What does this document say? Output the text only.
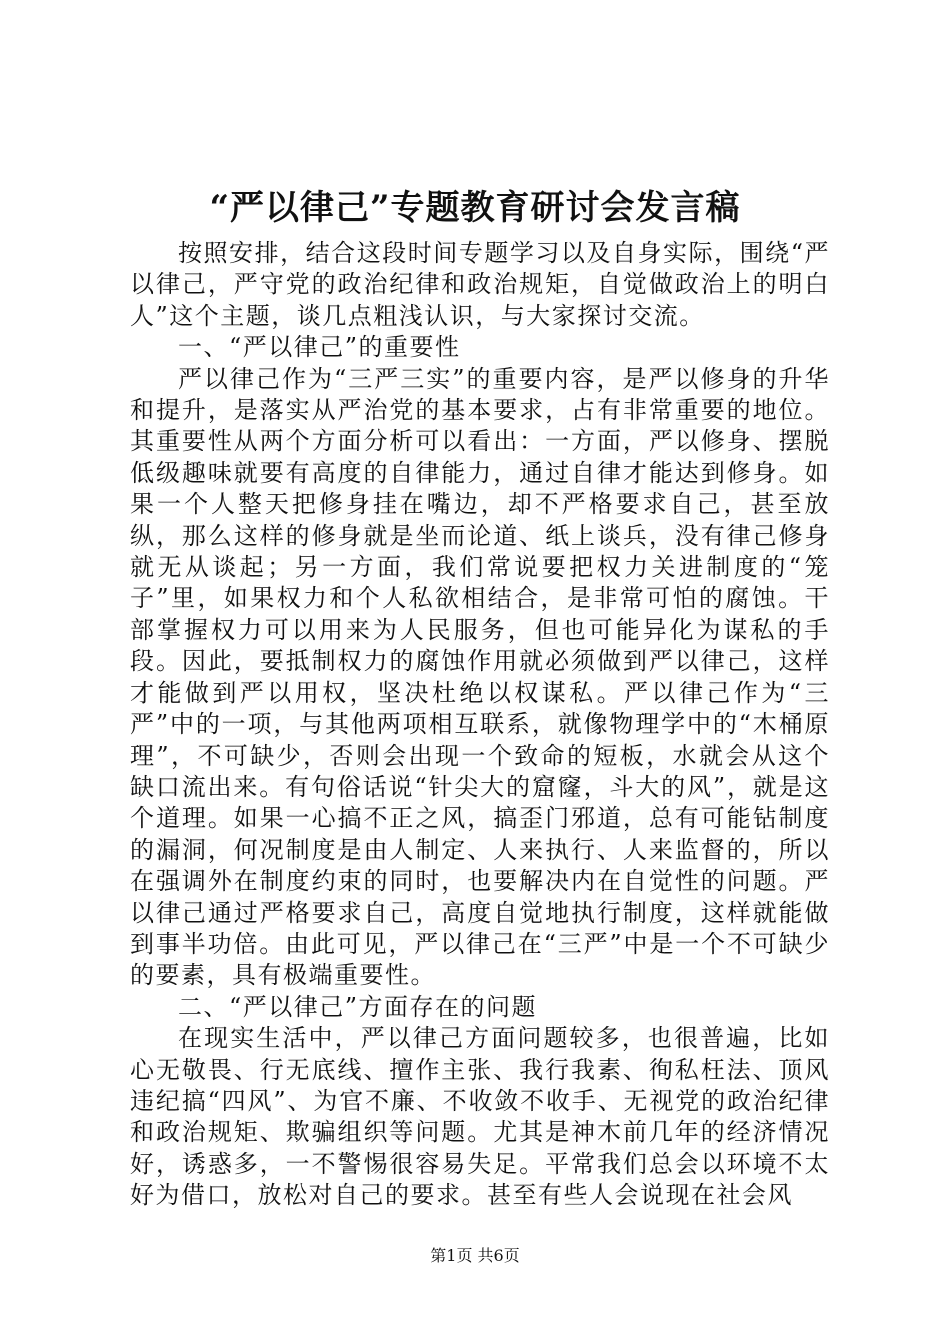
“严以律己”专题教育研讨会发言稿

按照安排，结合这段时间专题学习以及自身实际，围绕“严以律己，严守党的政治纪律和政治规矩，自觉做政治上的明白人”这个主题，谈几点粗浅认识，与大家探讨交流。

一、“严以律己”的重要性

严以律己作为“三严三实”的重要内容，是严以修身的升华和提升，是落实从严治党的基本要求，占有非常重要的地位。其重要性从两个方面分析可以看出：一方面，严以修身、摆脱低级趣味就要有高度的自律能力，通过自律才能达到修身。如果一个人整天把修身挂在嘴边，却不严格要求自己，甚至放纵，那么这样的修身就是坐而论道、纸上谈兵，没有律己修身就无从谈起；另一方面，我们常说要把权力关进制度的“笼子”里，如果权力和个人私欲相结合，是非常可怕的腐蚀。干部掌握权力可以用来为人民服务，但也可能异化为谋私的手段。因此，要抵制权力的腐蚀作用就必须做到严以律己，这样才能做到严以用权，坚决杜绝以权谋私。严以律己作为“三严”中的一项，与其他两项相互联系，就像物理学中的“木桶原理”，不可缺少，否则会出现一个致命的短板，水就会从这个缺口流出来。有句俗话说“针尖大的窟窿，斗大的风”，就是这个道理。如果一心搞不正之风，搞歪门邪道，总有可能钻制度的漏洞，何况制度是由人制定、人来执行、人来监督的，所以在强调外在制度约束的同时，也要解决内在自觉性的问题。严以律己通过严格要求自己，高度自觉地执行制度，这样就能做到事半功倍。由此可见，严以律己在“三严”中是一个不可缺少的要素，具有极端重要性。

二、“严以律己”方面存在的问题

在现实生活中，严以律己方面问题较多，也很普遍，比如心无敬畏、行无底线、擅作主张、我行我素、徇私枉法、顶风违纪搞“四风”、为官不廉、不收敛不收手、无视党的政治纪律和政治规矩、欺骗组织等问题。尤其是神木前几年的经济情况好，诱惑多，一不警惕很容易失足。平常我们总会以环境不太好为借口，放松对自己的要求。甚至有些人会说现在社会风

第1页 共6页
